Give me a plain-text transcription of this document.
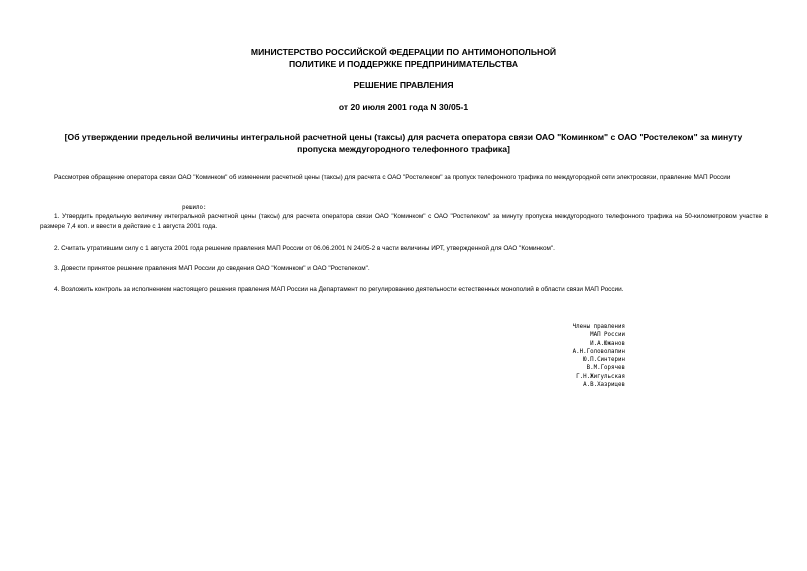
МИНИСТЕРСТВО РОССИЙСКОЙ ФЕДЕРАЦИИ ПО АНТИМОНОПОЛЬНОЙ
ПОЛИТИКЕ И ПОДДЕРЖКЕ ПРЕДПРИНИМАТЕЛЬСТВА
РЕШЕНИЕ ПРАВЛЕНИЯ
от 20 июля 2001 года N 30/05-1
[Об утверждении предельной величины интегральной расчетной цены (таксы) для расчета оператора связи ОАО "Коминком" с ОАО "Ростелеком" за минуту пропуска междугородного телефонного трафика]
Рассмотрев обращение оператора связи ОАО "Коминком" об изменении расчетной цены (таксы) для расчета с ОАО "Ростелеком" за пропуск телефонного трафика по междугородной сети электросвязи, правление МАП России
решило:
1. Утвердить предельную величину интегральной расчетной цены (таксы) для расчета оператора связи ОАО "Коминком" с ОАО "Ростелеком" за минуту пропуска междугородного телефонного трафика на 50-километровом участке в размере 7,4 коп. и ввести в действие с 1 августа 2001 года.
2. Считать утратившим силу с 1 августа 2001 года решение правления МАП России от 06.06.2001 N 24/05-2 в части величины ИРТ, утвержденной для ОАО "Коминком".
3. Довести принятое решение правления МАП России до сведения ОАО "Коминком" и ОАО "Ростелеком".
4. Возложить контроль за исполнением настоящего решения правления МАП России на Департамент по регулированию деятельности естественных монополий в области связи МАП России.
Члены правления
МАП России
И.А.Южанов
А.Н.Головолапин
Ю.П.Синтерин
В.М.Горячев
Г.Н.Жигульская
А.В.Хазрицев
